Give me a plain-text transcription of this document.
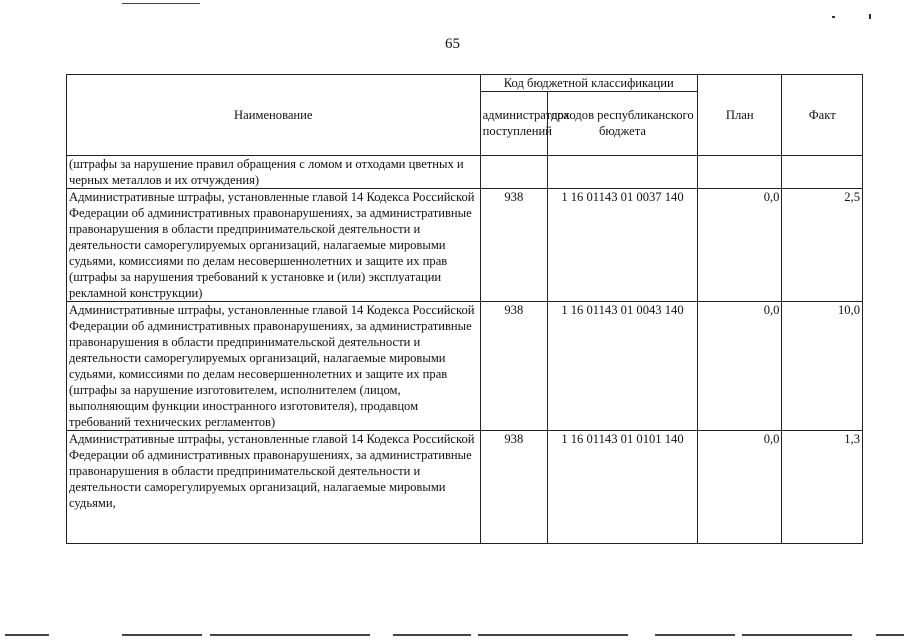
65
Наименование	Код бюджетной классификации		План	Факт
	администратора поступлений	доходов республиканского бюджета		
(штрафы за нарушение правил обращения с ломом и отходами цветных и черных металлов и их отчуждения)				
Административные штрафы, установленные главой 14 Кодекса Российской Федерации об административных правонарушениях, за административные правонарушения в области предпринимательской деятельности и деятельности саморегулируемых организаций, налагаемые мировыми судьями, комиссиями по делам несовершеннолетних и защите их прав (штрафы за нарушения требований к установке и (или) эксплуатации рекламной конструкции)	938	1 16 01143 01 0037 140	0,0	2,5
Административные штрафы, установленные главой 14 Кодекса Российской Федерации об административных правонарушениях, за административные правонарушения в области предпринимательской деятельности и деятельности саморегулируемых организаций, налагаемые мировыми судьями, комиссиями по делам несовершеннолетних и защите их прав (штрафы за нарушение изготовителем, исполнителем (лицом, выполняющим функции иностранного изготовителя), продавцом требований технических регламентов)	938	1 16 01143 01 0043 140	0,0	10,0
Административные штрафы, установленные главой 14 Кодекса Российской Федерации об административных правонарушениях, за административные правонарушения в области предпринимательской деятельности и деятельности саморегулируемых организаций, налагаемые мировыми судьями,	938	1 16 01143 01 0101 140	0,0	1,3
